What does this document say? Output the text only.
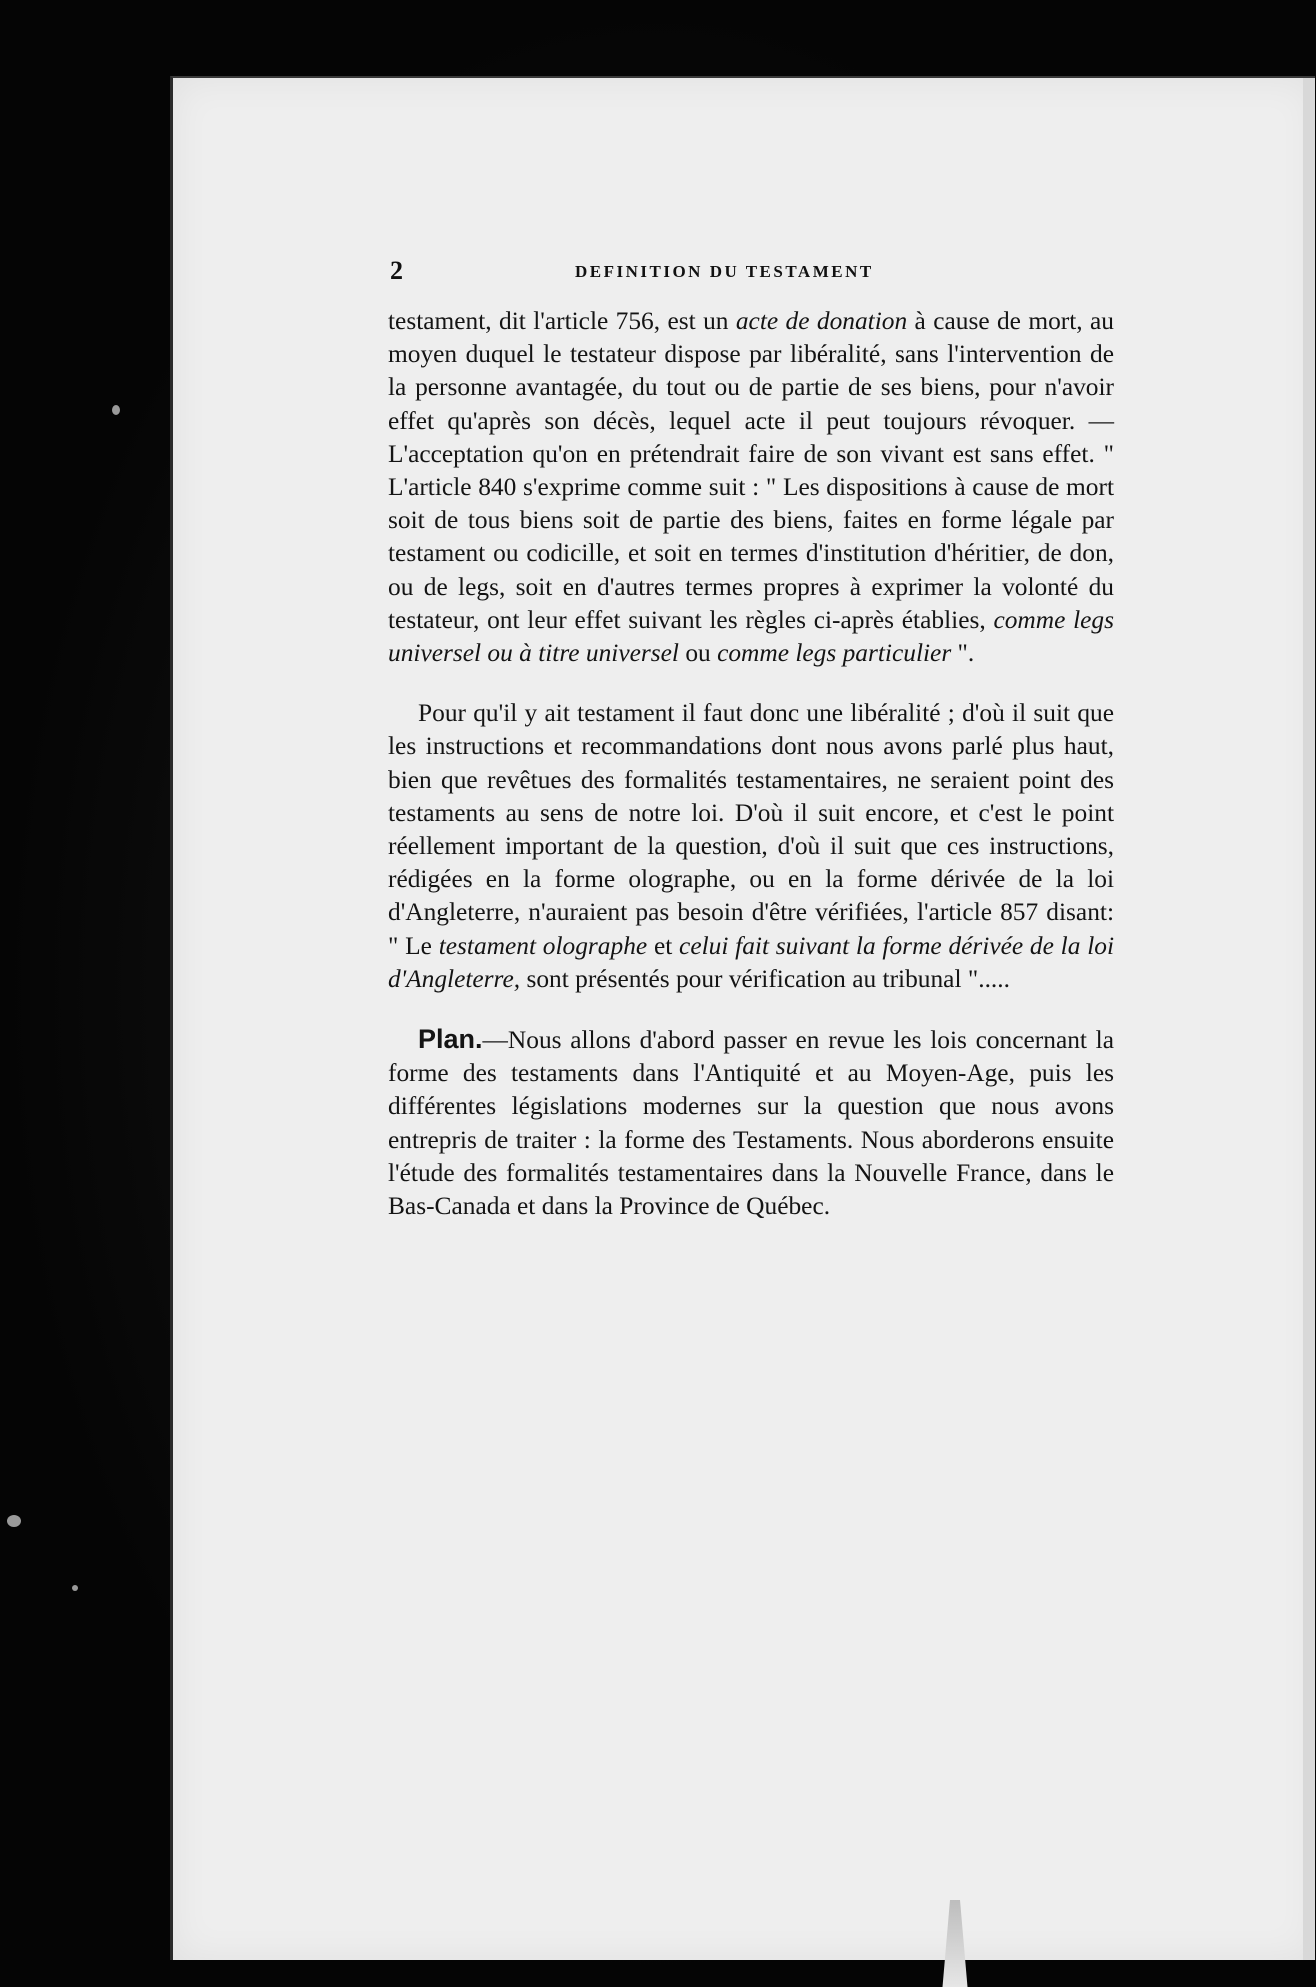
2	DEFINITION DU TESTAMENT

testament, dit l'article 756, est un acte de donation à cause de mort, au moyen duquel le testateur dispose par libéralité, sans l'intervention de la personne avantagée, du tout ou de partie de ses biens, pour n'avoir effet qu'après son décès, lequel acte il peut toujours révoquer. —L'acceptation qu'on en prétendrait faire de son vivant est sans effet. " L'article 840 s'exprime comme suit : " Les dispositions à cause de mort soit de tous biens soit de partie des biens, faites en forme légale par testament ou codicille, et soit en termes d'institution d'héritier, de don, ou de legs, soit en d'autres termes propres à exprimer la volonté du testateur, ont leur effet suivant les règles ci-après établies, comme legs universel ou à titre universel ou comme legs particulier ".

Pour qu'il y ait testament il faut donc une libéralité ; d'où il suit que les instructions et recommandations dont nous avons parlé plus haut, bien que revêtues des formalités testamentaires, ne seraient point des testaments au sens de notre loi. D'où il suit encore, et c'est le point réellement important de la question, d'où il suit que ces instructions, rédigées en la forme olographe, ou en la forme dérivée de la loi d'Angleterre, n'auraient pas besoin d'être vérifiées, l'article 857 disant: " Le testament olographe et celui fait suivant la forme dérivée de la loi d'Angleterre, sont présentés pour vérification au tribunal ".....

Plan.—Nous allons d'abord passer en revue les lois concernant la forme des testaments dans l'Antiquité et au Moyen-Age, puis les différentes législations modernes sur la question que nous avons entrepris de traiter : la forme des Testaments. Nous aborderons ensuite l'étude des formalités testamentaires dans la Nouvelle France, dans le Bas-Canada et dans la Province de Québec.
